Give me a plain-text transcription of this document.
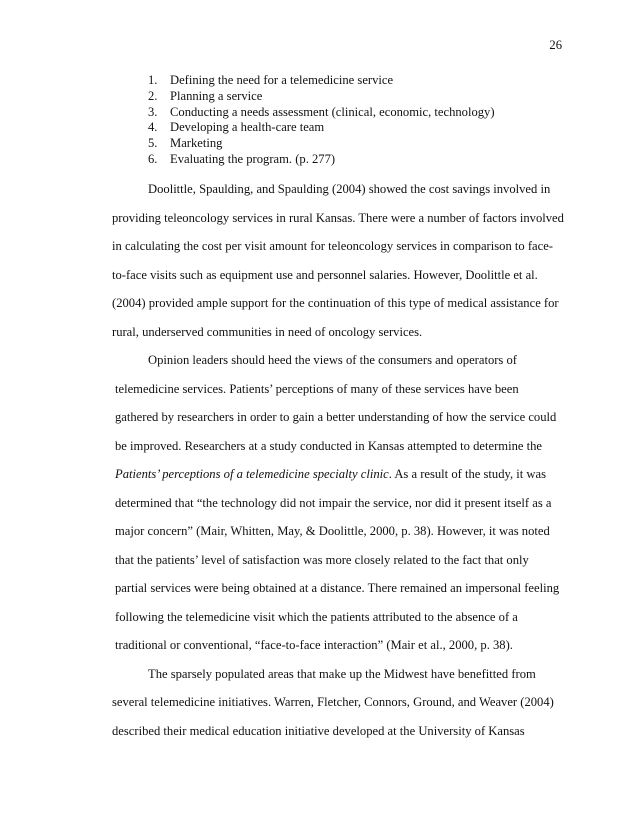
26
1. Defining the need for a telemedicine service
2. Planning a service
3. Conducting a needs assessment (clinical, economic, technology)
4. Developing a health-care team
5. Marketing
6. Evaluating the program. (p. 277)

Doolittle, Spaulding, and Spaulding (2004) showed the cost savings involved in
providing teleoncology services in rural Kansas. There were a number of factors involved
in calculating the cost per visit amount for teleoncology services in comparison to face-
to-face visits such as equipment use and personnel salaries. However, Doolittle et al.
(2004) provided ample support for the continuation of this type of medical assistance for
rural, underserved communities in need of oncology services.

Opinion leaders should heed the views of the consumers and operators of
telemedicine services. Patients’ perceptions of many of these services have been
gathered by researchers in order to gain a better understanding of how the service could
be improved. Researchers at a study conducted in Kansas attempted to determine the
Patients’ perceptions of a telemedicine specialty clinic. As a result of the study, it was
determined that “the technology did not impair the service, nor did it present itself as a
major concern” (Mair, Whitten, May, & Doolittle, 2000, p. 38). However, it was noted
that the patients’ level of satisfaction was more closely related to the fact that only
partial services were being obtained at a distance. There remained an impersonal feeling
following the telemedicine visit which the patients attributed to the absence of a
traditional or conventional, “face-to-face interaction” (Mair et al., 2000, p. 38).

The sparsely populated areas that make up the Midwest have benefitted from
several telemedicine initiatives. Warren, Fletcher, Connors, Ground, and Weaver (2004)
described their medical education initiative developed at the University of Kansas
